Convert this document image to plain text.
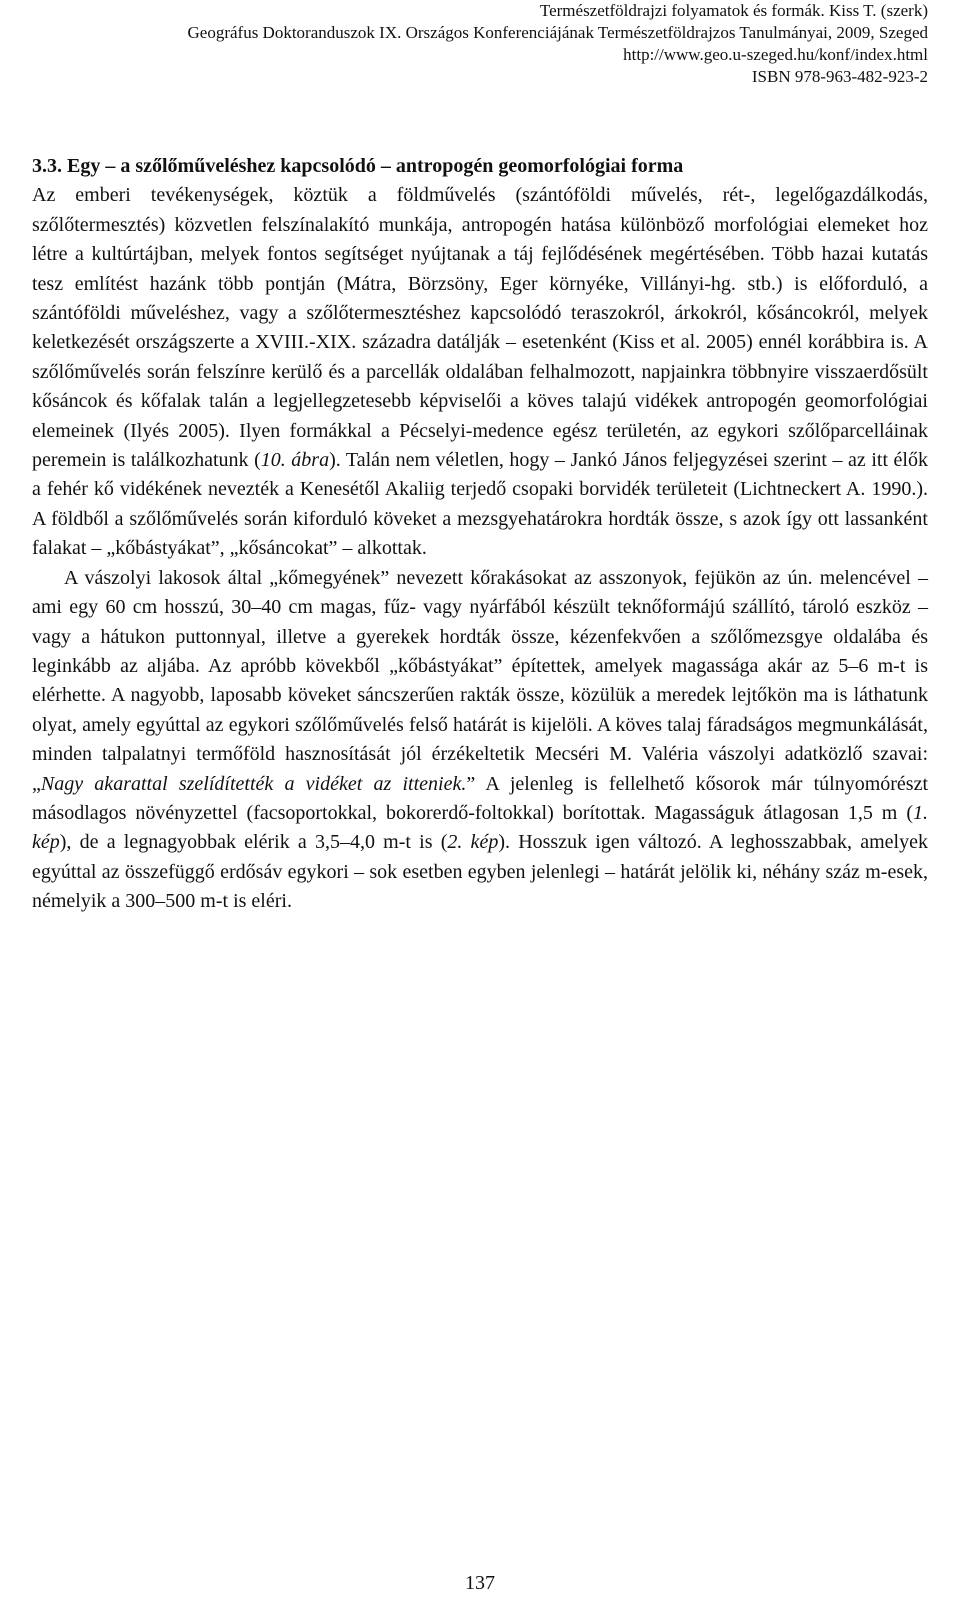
Természetföldrajzi folyamatok és formák. Kiss T. (szerk)
Geográfus Doktoranduszok IX. Országos Konferenciájának Természetföldrajzos Tanulmányai, 2009, Szeged
http://www.geo.u-szeged.hu/konf/index.html
ISBN 978-963-482-923-2

3.3. Egy – a szőlőműveléshez kapcsolódó – antropogén geomorfológiai forma

Az emberi tevékenységek, köztük a földművelés (szántóföldi művelés, rét-, legelőgazdálkodás, szőlőtermesztés) közvetlen felszínalakító munkája, antropogén hatása különböző morfológiai elemeket hoz létre a kultúrtájban, melyek fontos segítséget nyújtanak a táj fejlődésének megértésében. Több hazai kutatás tesz említést hazánk több pontján (Mátra, Börzsöny, Eger környéke, Villányi-hg. stb.) is előforduló, a szántóföldi műveléshez, vagy a szőlőtermesztéshez kapcsolódó teraszokról, árkokról, kősáncokról, melyek keletkezését országszerte a XVIII.-XIX. századra datálják – esetenként (Kiss et al. 2005) ennél korábbira is. A szőlőművelés során felszínre kerülő és a parcellák oldalában felhalmozott, napjainkra többnyire visszaerdősült kősáncok és kőfalak talán a legjellegzetesebb képviselői a köves talajú vidékek antropogén geomorfológiai elemeinek (Ilyés 2005). Ilyen formákkal a Pécselyi-medence egész területén, az egykori szőlőparcelláinak peremein is találkozhatunk (10. ábra). Talán nem véletlen, hogy – Jankó János feljegyzései szerint – az itt élők a fehér kő vidékének nevezték a Kenesétől Akaliig terjedő csopaki borvidék területeit (Lichtneckert A. 1990.). A földből a szőlőművelés során kiforduló köveket a mezsgyehatárokra hordták össze, s azok így ott lassanként falakat – „kőbástyákat”, „kősáncokat” – alkottak.

A vászolyi lakosok által „kőmegyének” nevezett kőrakásokat az asszonyok, fejükön az ún. melencével – ami egy 60 cm hosszú, 30–40 cm magas, fűz- vagy nyárfából készült teknőformájú szállító, tároló eszköz – vagy a hátukon puttonnyal, illetve a gyerekek hordták össze, kézenfekvően a szőlőmezsgye oldalába és leginkább az aljába. Az apróbb kövekből „kőbástyákat” építettek, amelyek magassága akár az 5–6 m-t is elérhette. A nagyobb, laposabb köveket sáncszerűen rakták össze, közülük a meredek lejtőkön ma is láthatunk olyat, amely egyúttal az egykori szőlőművelés felső határát is kijelöli. A köves talaj fáradságos megmunkálását, minden talpalatnyi termőföld hasznosítását jól érzékeltetik Mecséri M. Valéria vászolyi adatközlő szavai: „Nagy akarattal szelídítették a vidéket az itteniek.” A jelenleg is fellelhető kősorok már túlnyomórészt másodlagos növényzettel (facsoportokkal, bokorerdő-foltokkal) borítottak. Magasságuk átlagosan 1,5 m (1. kép), de a legnagyobbak elérik a 3,5–4,0 m-t is (2. kép). Hosszuk igen változó. A leghosszabbak, amelyek egyúttal az összefüggő erdősáv egykori – sok esetben egyben jelenlegi – határát jelölik ki, néhány száz m-esek, némelyik a 300–500 m-t is eléri.

137
